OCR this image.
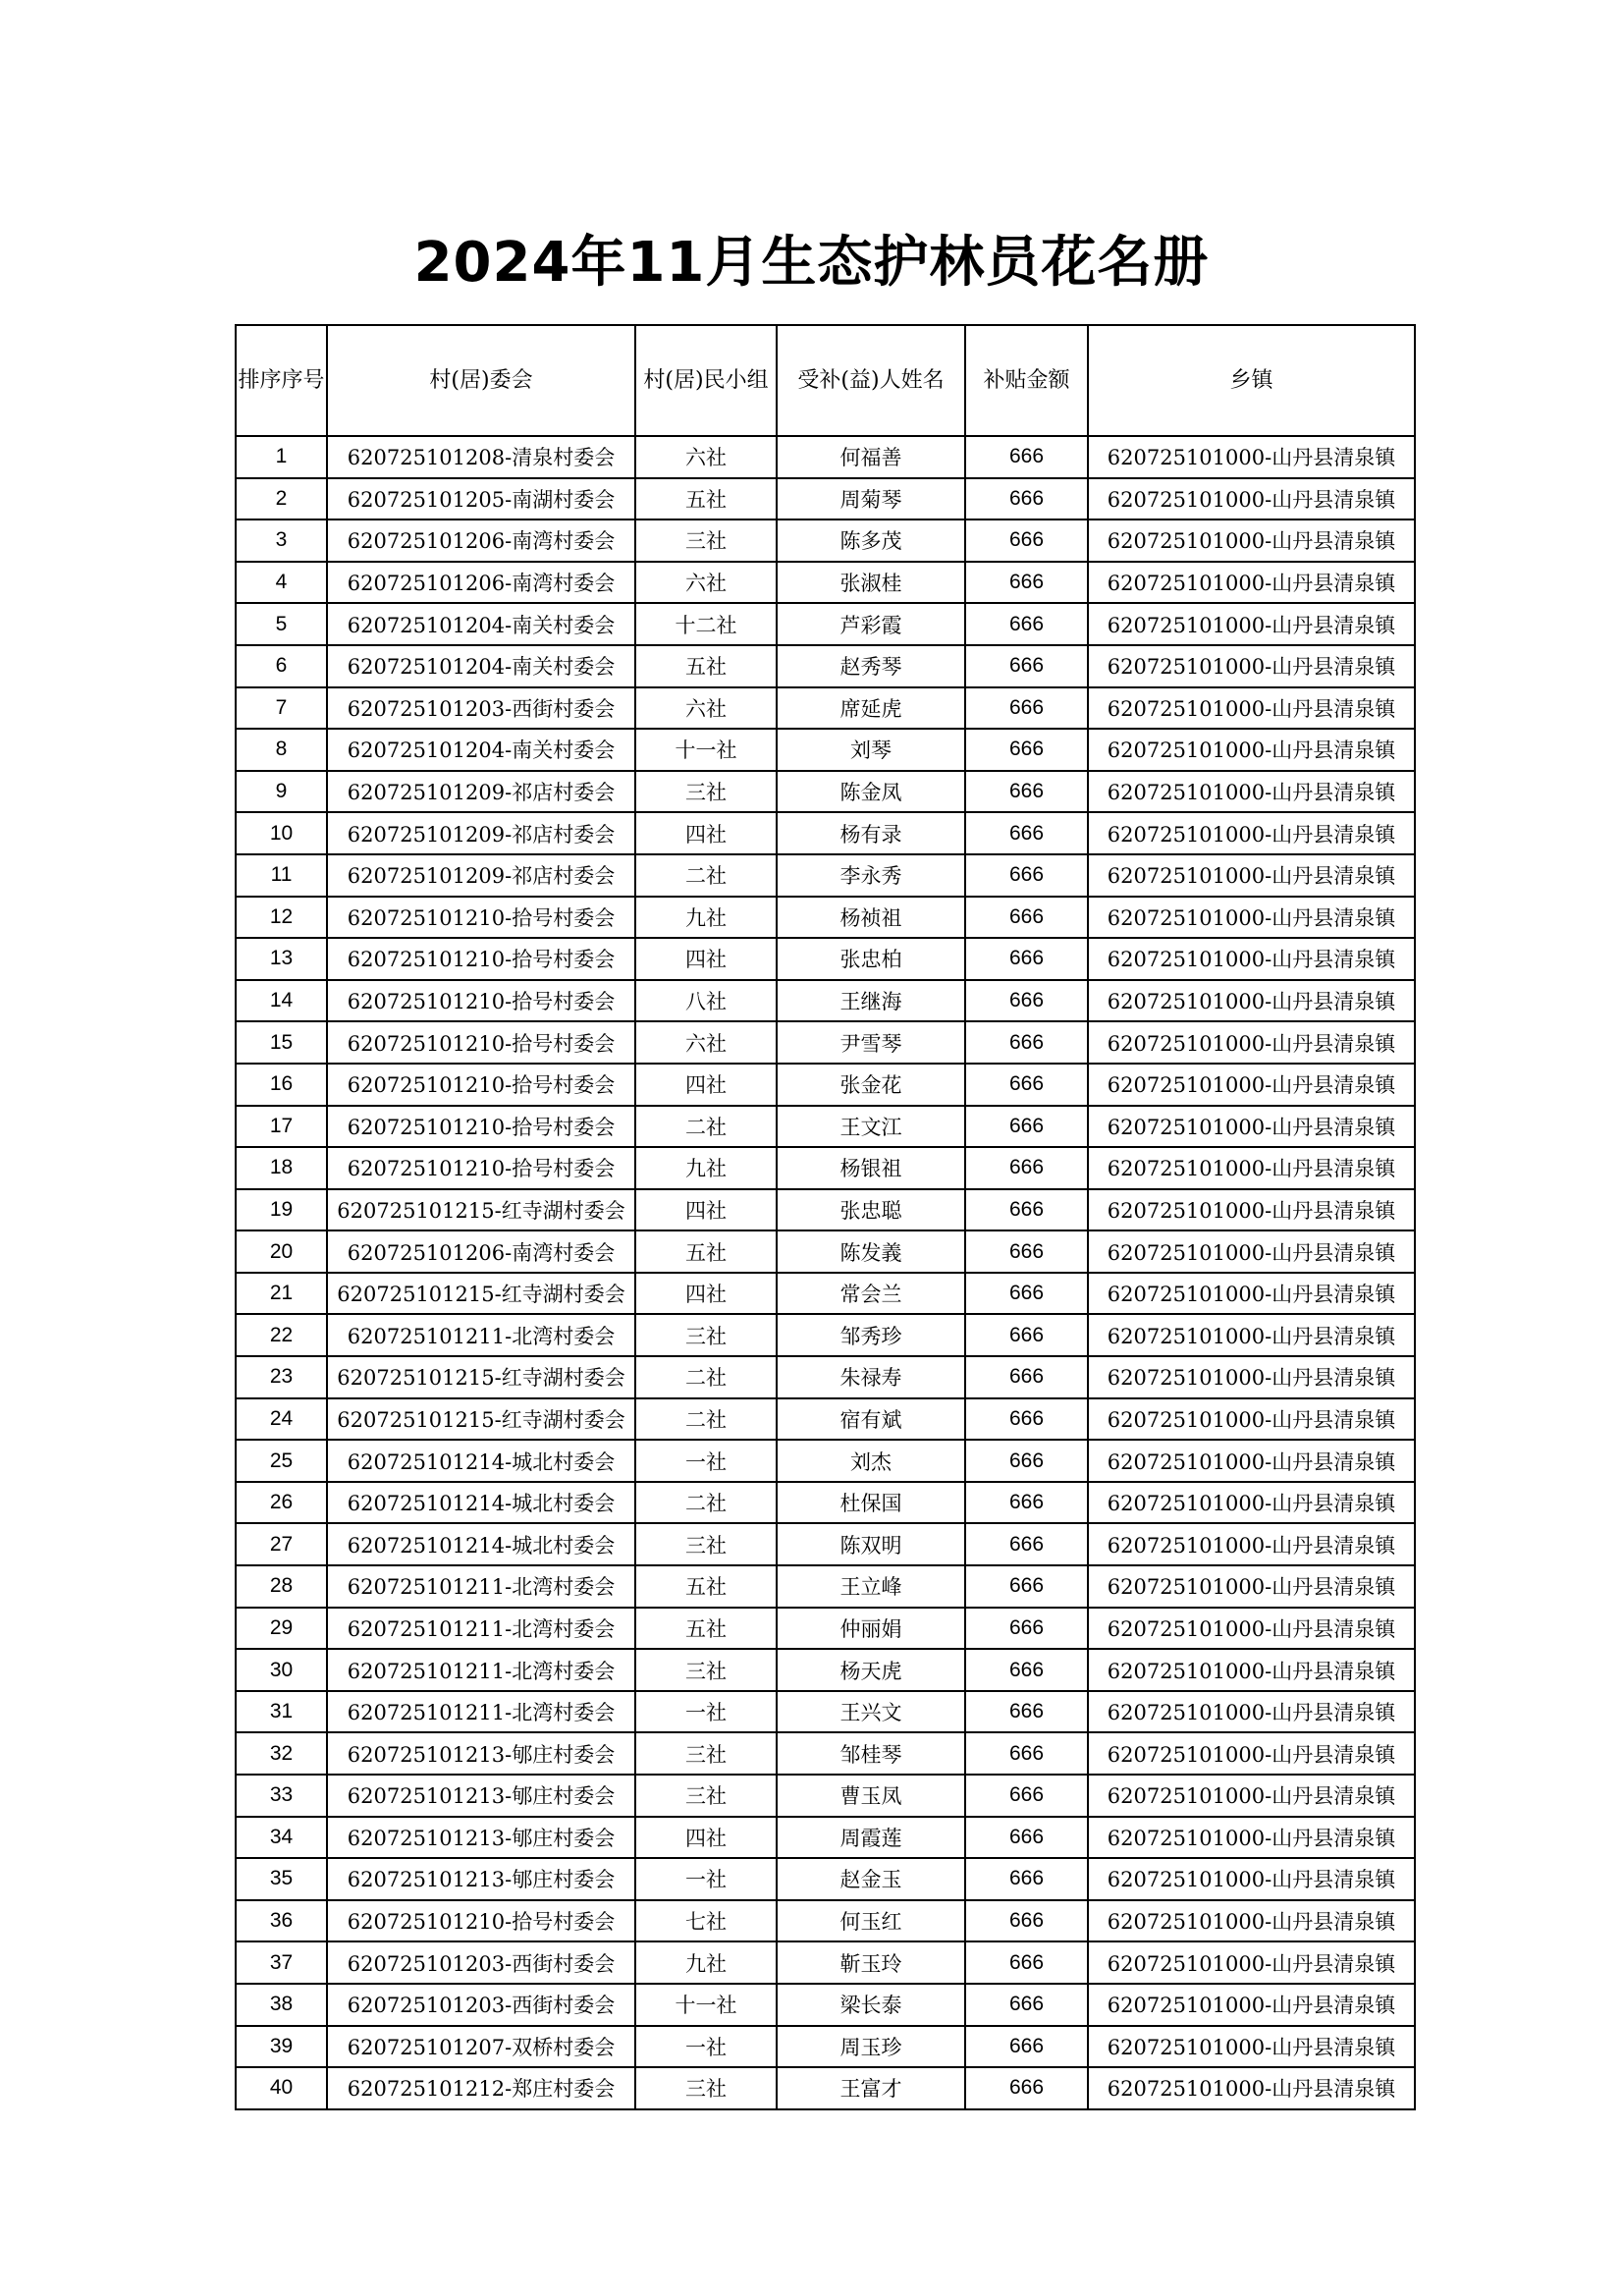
2024年11月生态护林员花名册
排序序号	村(居)委会	村(居)民小组	受补(益)人姓名	补贴金额	乡镇
1	620725101208-清泉村委会	六社	何福善	666	620725101000-山丹县清泉镇
2	620725101205-南湖村委会	五社	周菊琴	666	620725101000-山丹县清泉镇
3	620725101206-南湾村委会	三社	陈多茂	666	620725101000-山丹县清泉镇
4	620725101206-南湾村委会	六社	张淑桂	666	620725101000-山丹县清泉镇
5	620725101204-南关村委会	十二社	芦彩霞	666	620725101000-山丹县清泉镇
6	620725101204-南关村委会	五社	赵秀琴	666	620725101000-山丹县清泉镇
7	620725101203-西街村委会	六社	席延虎	666	620725101000-山丹县清泉镇
8	620725101204-南关村委会	十一社	刘琴	666	620725101000-山丹县清泉镇
9	620725101209-祁店村委会	三社	陈金凤	666	620725101000-山丹县清泉镇
10	620725101209-祁店村委会	四社	杨有录	666	620725101000-山丹县清泉镇
11	620725101209-祁店村委会	二社	李永秀	666	620725101000-山丹县清泉镇
12	620725101210-拾号村委会	九社	杨祯祖	666	620725101000-山丹县清泉镇
13	620725101210-拾号村委会	四社	张忠柏	666	620725101000-山丹县清泉镇
14	620725101210-拾号村委会	八社	王继海	666	620725101000-山丹县清泉镇
15	620725101210-拾号村委会	六社	尹雪琴	666	620725101000-山丹县清泉镇
16	620725101210-拾号村委会	四社	张金花	666	620725101000-山丹县清泉镇
17	620725101210-拾号村委会	二社	王文江	666	620725101000-山丹县清泉镇
18	620725101210-拾号村委会	九社	杨银祖	666	620725101000-山丹县清泉镇
19	620725101215-红寺湖村委会	四社	张忠聪	666	620725101000-山丹县清泉镇
20	620725101206-南湾村委会	五社	陈发義	666	620725101000-山丹县清泉镇
21	620725101215-红寺湖村委会	四社	常会兰	666	620725101000-山丹县清泉镇
22	620725101211-北湾村委会	三社	邹秀珍	666	620725101000-山丹县清泉镇
23	620725101215-红寺湖村委会	二社	朱禄寿	666	620725101000-山丹县清泉镇
24	620725101215-红寺湖村委会	二社	宿有斌	666	620725101000-山丹县清泉镇
25	620725101214-城北村委会	一社	刘杰	666	620725101000-山丹县清泉镇
26	620725101214-城北村委会	二社	杜保国	666	620725101000-山丹县清泉镇
27	620725101214-城北村委会	三社	陈双明	666	620725101000-山丹县清泉镇
28	620725101211-北湾村委会	五社	王立峰	666	620725101000-山丹县清泉镇
29	620725101211-北湾村委会	五社	仲丽娟	666	620725101000-山丹县清泉镇
30	620725101211-北湾村委会	三社	杨天虎	666	620725101000-山丹县清泉镇
31	620725101211-北湾村委会	一社	王兴文	666	620725101000-山丹县清泉镇
32	620725101213-郇庄村委会	三社	邹桂琴	666	620725101000-山丹县清泉镇
33	620725101213-郇庄村委会	三社	曹玉凤	666	620725101000-山丹县清泉镇
34	620725101213-郇庄村委会	四社	周霞莲	666	620725101000-山丹县清泉镇
35	620725101213-郇庄村委会	一社	赵金玉	666	620725101000-山丹县清泉镇
36	620725101210-拾号村委会	七社	何玉红	666	620725101000-山丹县清泉镇
37	620725101203-西街村委会	九社	靳玉玲	666	620725101000-山丹县清泉镇
38	620725101203-西街村委会	十一社	梁长泰	666	620725101000-山丹县清泉镇
39	620725101207-双桥村委会	一社	周玉珍	666	620725101000-山丹县清泉镇
40	620725101212-郑庄村委会	三社	王富才	666	620725101000-山丹县清泉镇
